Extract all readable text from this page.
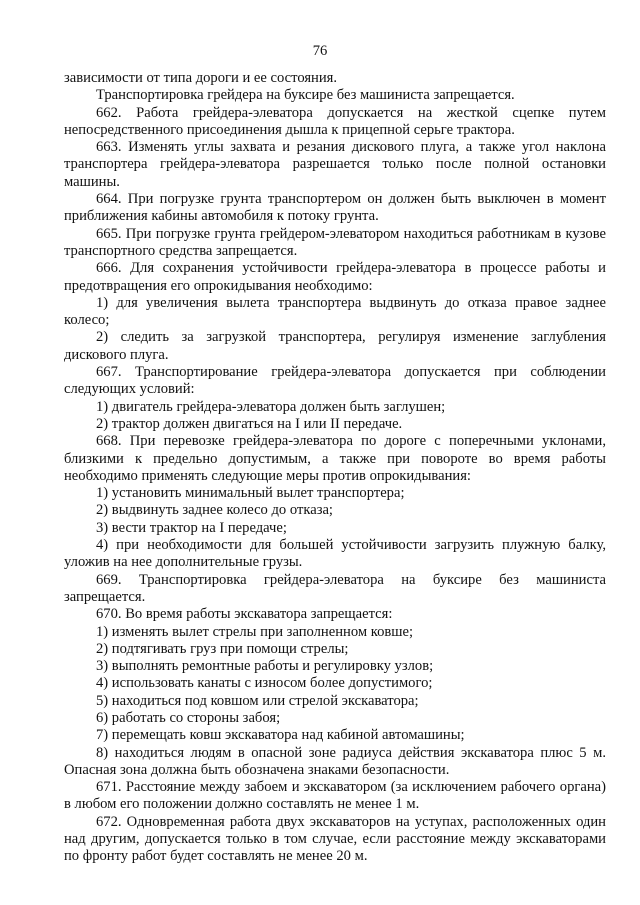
76

зависимости от типа дороги и ее состояния.

Транспортировка грейдера на буксире без машиниста запрещается.

662. Работа грейдера-элеватора допускается на жесткой сцепке путем непосредственного присоединения дышла к прицепной серьге трактора.

663. Изменять углы захвата и резания дискового плуга, а также угол наклона транспортера грейдера-элеватора разрешается только после полной остановки машины.

664. При погрузке грунта транспортером он должен быть выключен в момент приближения кабины автомобиля к потоку грунта.

665. При погрузке грунта грейдером-элеватором находиться работникам в кузове транспортного средства запрещается.

666. Для сохранения устойчивости грейдера-элеватора в процессе работы и предотвращения его опрокидывания необходимо:

1) для увеличения вылета транспортера выдвинуть до отказа правое заднее колесо;

2) следить за загрузкой транспортера, регулируя изменение заглубления дискового плуга.

667. Транспортирование грейдера-элеватора допускается при соблюдении следующих условий:

1) двигатель грейдера-элеватора должен быть заглушен;

2) трактор должен двигаться на I или II передаче.

668. При перевозке грейдера-элеватора по дороге с поперечными уклонами, близкими к предельно допустимым, а также при повороте во время работы необходимо применять следующие меры против опрокидывания:

1) установить минимальный вылет транспортера;

2) выдвинуть заднее колесо до отказа;

3) вести трактор на I передаче;

4) при необходимости для большей устойчивости загрузить плужную балку, уложив на нее дополнительные грузы.

669. Транспортировка грейдера-элеватора на буксире без машиниста запрещается.

670. Во время работы экскаватора запрещается:

1) изменять вылет стрелы при заполненном ковше;

2) подтягивать груз при помощи стрелы;

3) выполнять ремонтные работы и регулировку узлов;

4) использовать канаты с износом более допустимого;

5) находиться под ковшом или стрелой экскаватора;

6) работать со стороны забоя;

7) перемещать ковш экскаватора над кабиной автомашины;

8) находиться людям в опасной зоне радиуса действия экскаватора плюс 5 м. Опасная зона должна быть обозначена знаками безопасности.

671. Расстояние между забоем и экскаватором (за исключением рабочего органа) в любом его положении должно составлять не менее 1 м.

672. Одновременная работа двух экскаваторов на уступах, расположенных один над другим, допускается только в том случае, если расстояние между экскаваторами по фронту работ будет составлять не менее 20 м.
